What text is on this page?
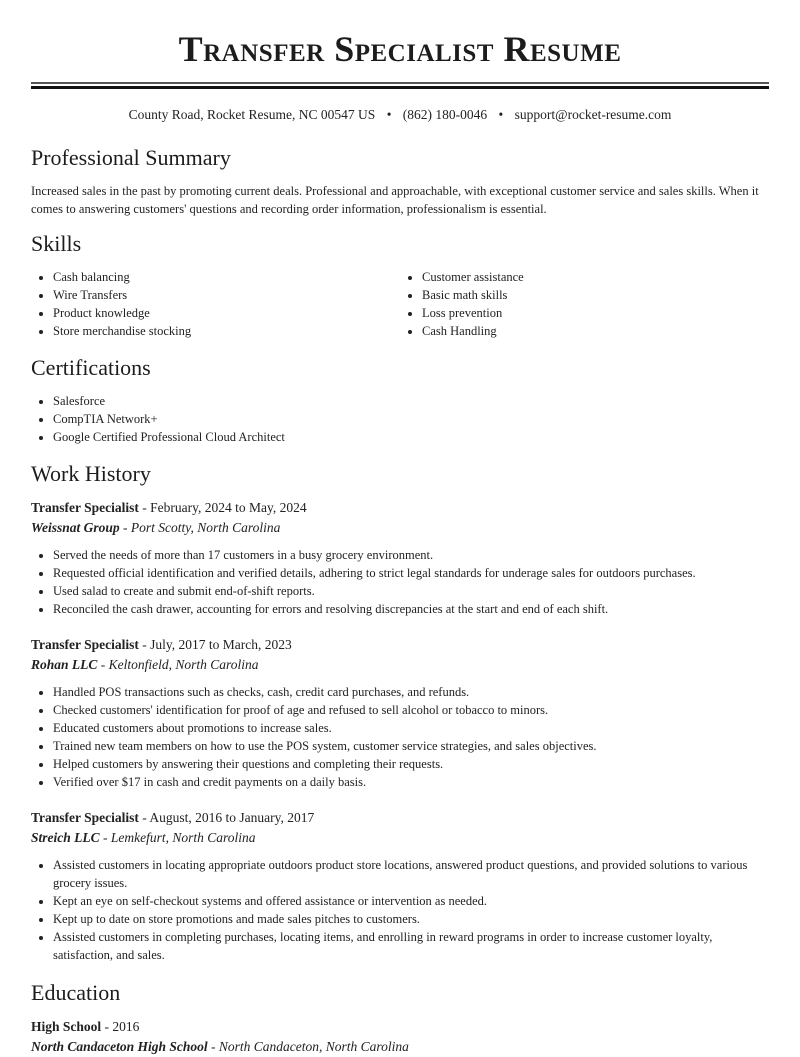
Transfer Specialist Resume
County Road, Rocket Resume, NC 00547 US • (862) 180-0046 • support@rocket-resume.com
Professional Summary

Increased sales in the past by promoting current deals. Professional and approachable, with exceptional customer service and sales skills. When it comes to answering customers' questions and recording order information, professionalism is essential.

Skills
• Cash balancing
• Wire Transfers
• Product knowledge
• Store merchandise stocking
• Customer assistance
• Basic math skills
• Loss prevention
• Cash Handling
Certifications
• Salesforce
• CompTIA Network+
• Google Certified Professional Cloud Architect
Work History
Transfer Specialist - February, 2024 to May, 2024
Weissnat Group - Port Scotty, North Carolina
• Served the needs of more than 17 customers in a busy grocery environment.
• Requested official identification and verified details, adhering to strict legal standards for underage sales for outdoors purchases.
• Used salad to create and submit end-of-shift reports.
• Reconciled the cash drawer, accounting for errors and resolving discrepancies at the start and end of each shift.
Transfer Specialist - July, 2017 to March, 2023
Rohan LLC - Keltonfield, North Carolina
• Handled POS transactions such as checks, cash, credit card purchases, and refunds.
• Checked customers' identification for proof of age and refused to sell alcohol or tobacco to minors.
• Educated customers about promotions to increase sales.
• Trained new team members on how to use the POS system, customer service strategies, and sales objectives.
• Helped customers by answering their questions and completing their requests.
• Verified over $17 in cash and credit payments on a daily basis.
Transfer Specialist - August, 2016 to January, 2017
Streich LLC - Lemkefurt, North Carolina
• Assisted customers in locating appropriate outdoors product store locations, answered product questions, and provided solutions to various grocery issues.
• Kept an eye on self-checkout systems and offered assistance or intervention as needed.
• Kept up to date on store promotions and made sales pitches to customers.
• Assisted customers in completing purchases, locating items, and enrolling in reward programs in order to increase customer loyalty, satisfaction, and sales.
Education
High School - 2016
North Candaceton High School - North Candaceton, North Carolina
